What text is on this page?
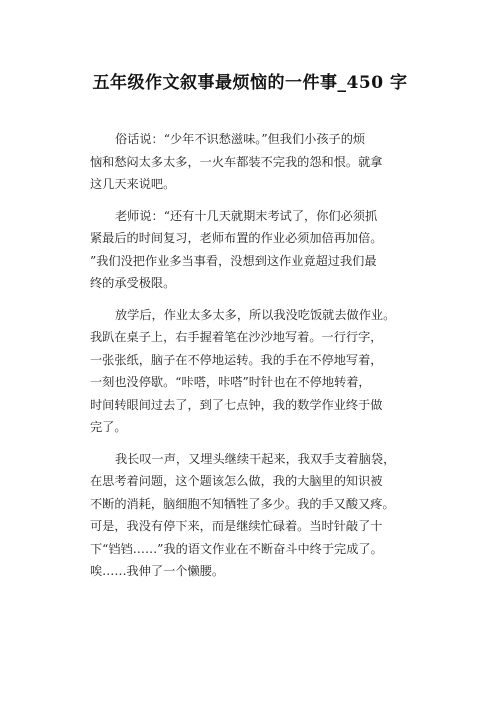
五年级作文叙事最烦恼的一件事_450 字
俗话说：“少年不识愁滋味。”但我们小孩子的烦
恼和愁闷太多太多，一火车都装不完我的怨和恨。就拿
这几天来说吧。
老师说：“还有十几天就期末考试了，你们必须抓
紧最后的时间复习，老师布置的作业必须加倍再加倍。
”我们没把作业多当事看，没想到这作业竟超过我们最
终的承受极限。
放学后，作业太多太多，所以我没吃饭就去做作业。
我趴在桌子上，右手握着笔在沙沙地写着。一行行字，
一张张纸，脑子在不停地运转。我的手在不停地写着，
一刻也没停歇。“咔嗒，咔嗒”时针也在不停地转着，
时间转眼间过去了，到了七点钟，我的数学作业终于做
完了。
我长叹一声，又埋头继续干起来，我双手支着脑袋，
在思考着问题，这个题该怎么做，我的大脑里的知识被
不断的消耗，脑细胞不知牺牲了多少。我的手又酸又疼。
可是，我没有停下来，而是继续忙碌着。当时针敲了十
下“铛铛……”我的语文作业在不断奋斗中终于完成了。
唉……我伸了一个懒腰。
